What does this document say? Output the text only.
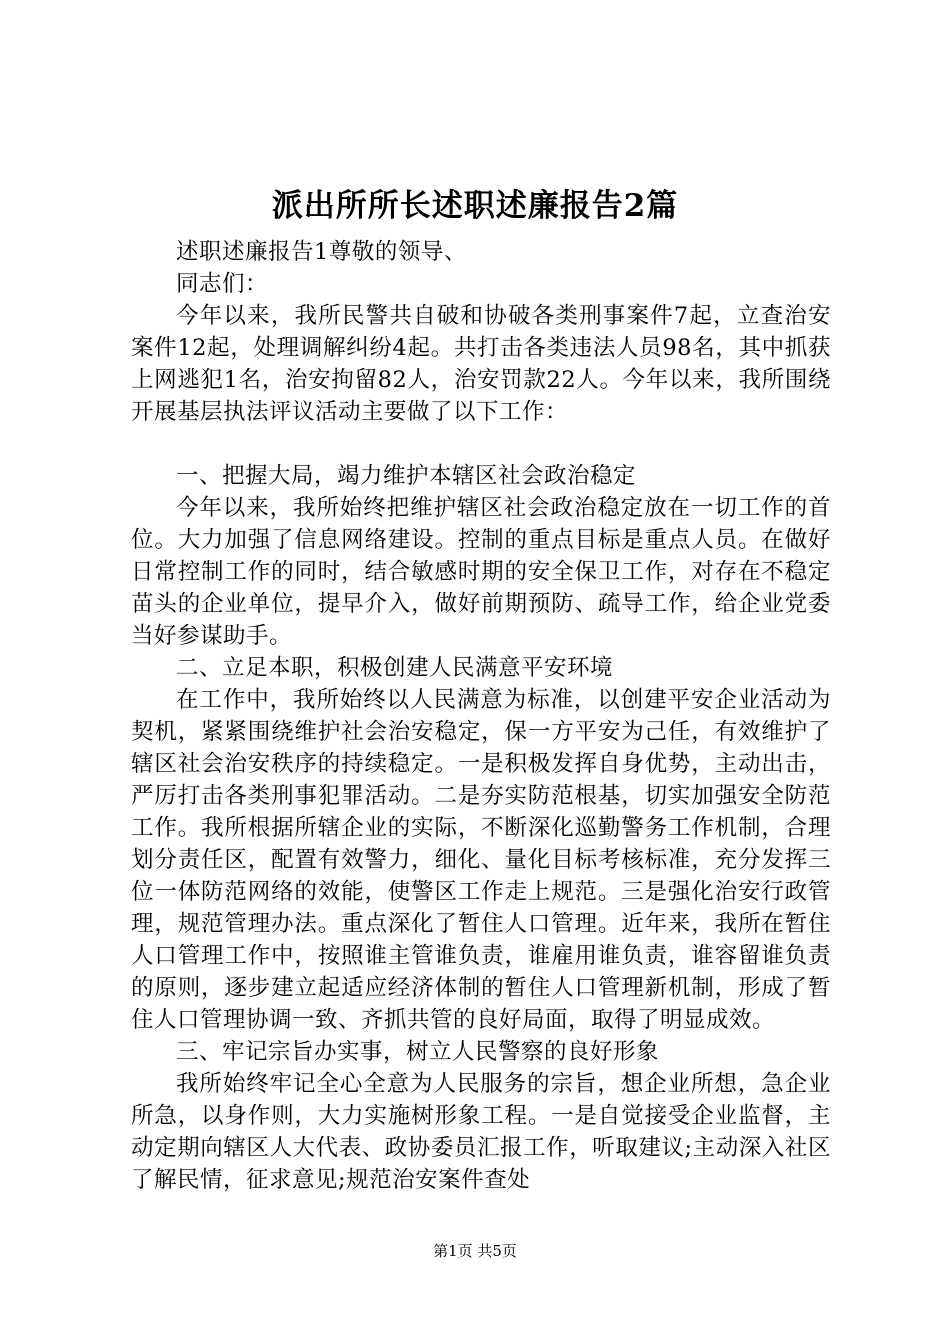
派出所所长述职述廉报告2篇

述职述廉报告1尊敬的领导、

同志们：

今年以来，我所民警共自破和协破各类刑事案件7起，立查治安案件12起，处理调解纠纷4起。共打击各类违法人员98名，其中抓获上网逃犯1名，治安拘留82人，治安罚款22人。今年以来，我所围绕开展基层执法评议活动主要做了以下工作：

一、把握大局，竭力维护本辖区社会政治稳定

今年以来，我所始终把维护辖区社会政治稳定放在一切工作的首位。大力加强了信息网络建设。控制的重点目标是重点人员。在做好日常控制工作的同时，结合敏感时期的安全保卫工作，对存在不稳定苗头的企业单位，提早介入，做好前期预防、疏导工作，给企业党委当好参谋助手。

二、立足本职，积极创建人民满意平安环境

在工作中，我所始终以人民满意为标准，以创建平安企业活动为契机，紧紧围绕维护社会治安稳定，保一方平安为己任，有效维护了辖区社会治安秩序的持续稳定。一是积极发挥自身优势，主动出击，严厉打击各类刑事犯罪活动。二是夯实防范根基，切实加强安全防范工作。我所根据所辖企业的实际，不断深化巡勤警务工作机制，合理划分责任区，配置有效警力，细化、量化目标考核标准，充分发挥三位一体防范网络的效能，使警区工作走上规范。三是强化治安行政管理，规范管理办法。重点深化了暂住人口管理。近年来，我所在暂住人口管理工作中，按照谁主管谁负责，谁雇用谁负责，谁容留谁负责的原则，逐步建立起适应经济体制的暂住人口管理新机制，形成了暂住人口管理协调一致、齐抓共管的良好局面，取得了明显成效。

三、牢记宗旨办实事，树立人民警察的良好形象

我所始终牢记全心全意为人民服务的宗旨，想企业所想，急企业所急，以身作则，大力实施树形象工程。一是自觉接受企业监督，主动定期向辖区人大代表、政协委员汇报工作，听取建议;主动深入社区了解民情，征求意见;规范治安案件查处

第1页 共5页
